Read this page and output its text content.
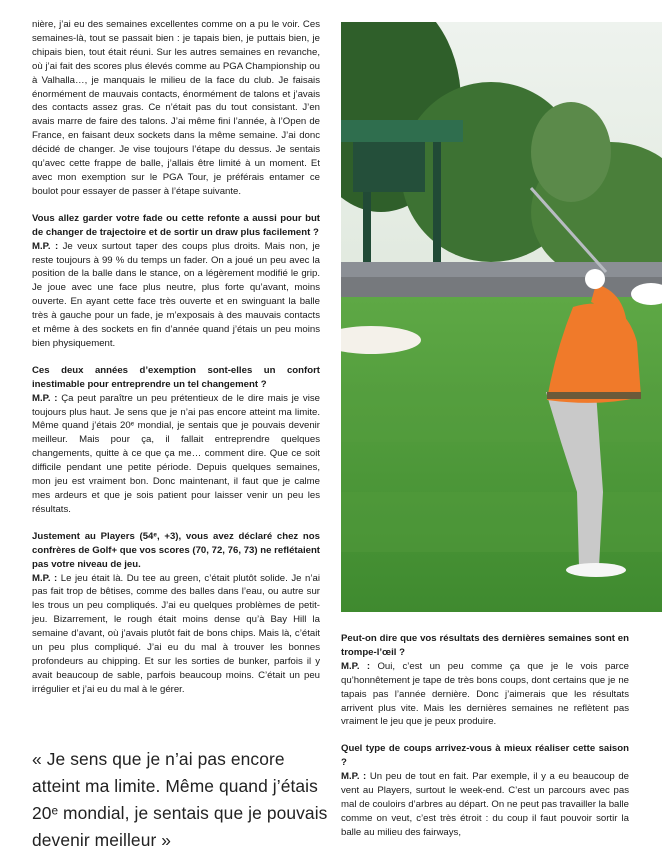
nière, j’ai eu des semaines excellentes comme on a pu le voir. Ces semaines-là, tout se passait bien : je tapais bien, je puttais bien, je chipais bien, tout était réuni. Sur les autres semaines en revanche, où j’ai fait des scores plus élevés comme au PGA Championship ou à Valhalla…, je manquais le milieu de la face du club. Je faisais énormément de mauvais contacts, énormément de talons et j’avais des contacts assez gras. Ce n’était pas du tout consistant. J’en avais marre de faire des talons. J’ai même fini l’année, à l’Open de France, en faisant deux sockets dans la même semaine. J’ai donc décidé de changer. Je vise toujours l’étape du dessus. Je sentais qu’avec cette frappe de balle, j’allais être limité à un moment. Et avec mon exemption sur le PGA Tour, je préférais entamer ce boulot pour essayer de passer à l’étape suivante.

Vous allez garder votre fade ou cette refonte a aussi pour but de changer de trajectoire et de sortir un draw plus facilement ?

M.P. : Je veux surtout taper des coups plus droits. Mais non, je reste toujours à 99 % du temps un fader. On a joué un peu avec la position de la balle dans le stance, on a légèrement modifié le grip. Je joue avec une face plus neutre, plus forte qu’avant, moins ouverte. En ayant cette face très ouverte et en swinguant la balle très à gauche pour un fade, je m’exposais à des mauvais contacts et même à des sockets en fin d’année quand j’étais un peu moins bien physiquement.

Ces deux années d’exemption sont-elles un confort inestimable pour entreprendre un tel changement ?

M.P. : Ça peut paraître un peu prétentieux de le dire mais je vise toujours plus haut. Je sens que je n’ai pas encore atteint ma limite. Même quand j’étais 20ᵉ mondial, je sentais que je pouvais devenir meilleur. Mais pour ça, il fallait entreprendre quelques changements, quitte à ce que ça me… comment dire. Que ce soit difficile pendant une petite période. Depuis quelques semaines, mon jeu est vraiment bon. Donc maintenant, il faut que je calme mes ardeurs et que je sois patient pour laisser venir un peu les résultats.

Justement au Players (54ᵉ, +3), vous avez déclaré chez nos confrères de Golf+ que vos scores (70, 72, 76, 73) ne reflétaient pas votre niveau de jeu.

M.P. : Le jeu était là. Du tee au green, c’était plutôt solide. Je n’ai pas fait trop de bêtises, comme des balles dans l’eau, ou autre sur les trous un peu compliqués. J’ai eu quelques problèmes de petit-jeu. Bizarrement, le rough était moins dense qu’à Bay Hill la semaine d’avant, où j’avais plutôt fait de bons chips. Mais là, c’était un peu plus compliqué. J’ai eu du mal à trouver les bonnes profondeurs au chipping. Et sur les sorties de bunker, parfois il y avait beaucoup de sable, parfois beaucoup moins. C’était un peu irrégulier et j’ai eu du mal à le gérer.

« Je sens que je n’ai pas encore atteint ma limite. Même quand j’étais 20ᵉ mondial, je sentais que je pouvais devenir meilleur »

Peut-on dire que vos résultats des dernières semaines sont en trompe-l’œil ?

M.P. : Oui, c’est un peu comme ça que je le vois parce qu’honnêtement je tape de très bons coups, dont certains que je ne tapais pas l’année dernière. Donc j’aimerais que les résultats arrivent plus vite. Mais les dernières semaines ne reflètent pas vraiment le jeu que je peux produire.

Quel type de coups arrivez-vous à mieux réaliser cette saison ?

M.P. : Un peu de tout en fait. Par exemple, il y a eu beaucoup de vent au Players, surtout le week-end. C’est un parcours avec pas mal de couloirs d’arbres au départ. On ne peut pas travailler la balle comme on veut, c’est très étroit : du coup il faut pouvoir sortir la balle au milieu des fairways,
